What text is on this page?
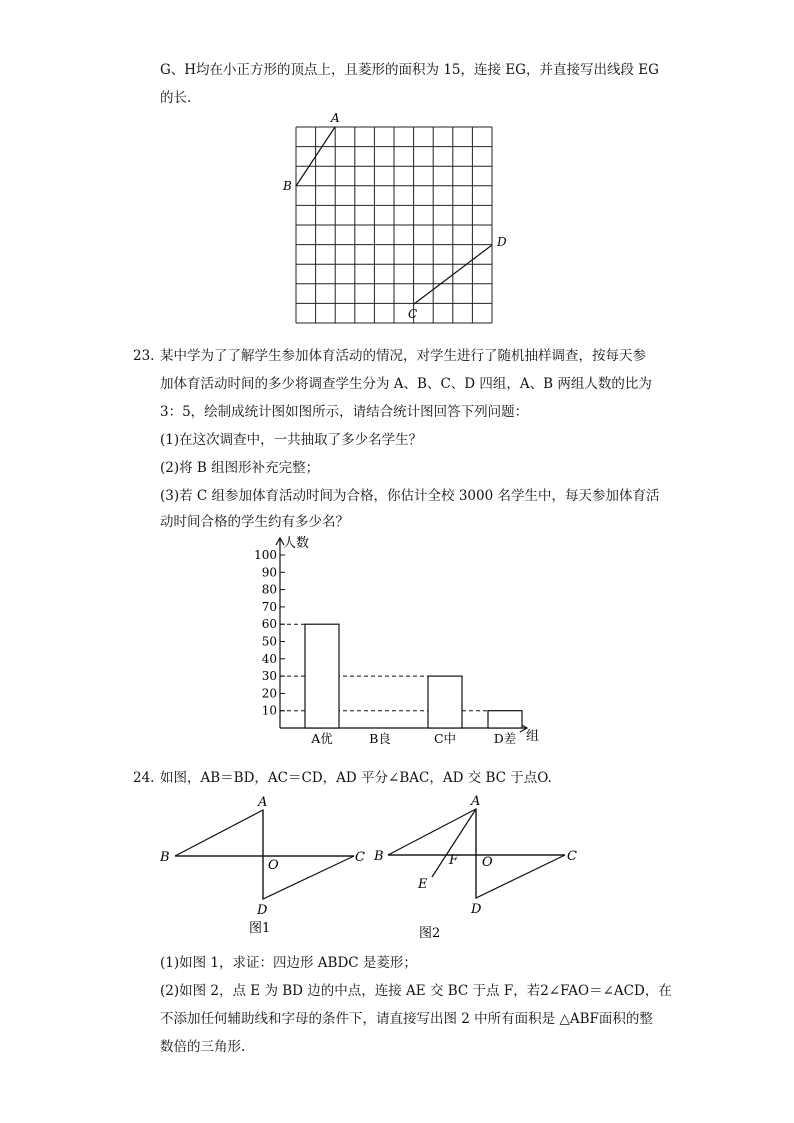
G、H均在小正方形的顶点上，且菱形的面积为 15，连接 EG，并直接写出线段 EG
的长.
A
B
C
D
23. 某中学为了了解学生参加体育活动的情况，对学生进行了随机抽样调查，按每天参
加体育活动时间的多少将调查学生分为 A、B、C、D 四组，A、B 两组人数的比为
3：5，绘制成统计图如图所示，请结合统计图回答下列问题：
(1)在这次调查中，一共抽取了多少名学生？
(2)将 B 组图形补充完整；
(3)若 C 组参加体育活动时间为合格，你估计全校 3000 名学生中，每天参加体育活
动时间合格的学生约有多少名？
10
20
30
40
50
60
70
80
90
100
A优	B良	C中	D差
人数
组
24. 如图，AB＝BD，AC＝CD，AD 平分∠BAC，AD 交 BC 于点O.
A
B	C
D
O
图1
A
B	C
D
O
F
E
图2
(1)如图 1，求证：四边形 ABDC 是菱形；
(2)如图 2，点 E 为 BD 边的中点，连接 AE 交 BC 于点 F，若2∠FAO＝∠ACD，在
不添加任何辅助线和字母的条件下，请直接写出图 2 中所有面积是 △ABF面积的整
数倍的三角形.
